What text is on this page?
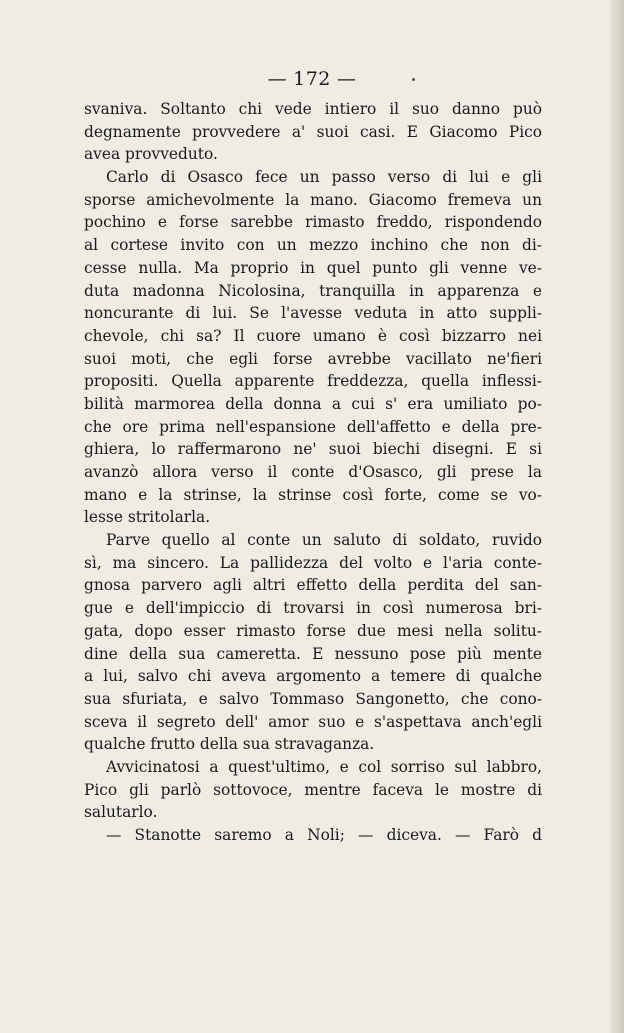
— 172 —
svaniva. Soltanto chi vede intiero il suo danno può
degnamente provvedere a' suoi casi. E Giacomo Pico
avea provveduto.
Carlo di Osasco fece un passo verso di lui e gli
sporse amichevolmente la mano. Giacomo fremeva un
pochino e forse sarebbe rimasto freddo, rispondendo
al cortese invito con un mezzo inchino che non di-
cesse nulla. Ma proprio in quel punto gli venne ve-
duta madonna Nicolosina, tranquilla in apparenza e
noncurante di lui. Se l'avesse veduta in atto suppli-
chevole, chi sa? Il cuore umano è così bizzarro nei
suoi moti, che egli forse avrebbe vacillato ne'fieri
propositi. Quella apparente freddezza, quella inflessi-
bilità marmorea della donna a cui s' era umiliato po-
che ore prima nell'espansione dell'affetto e della pre-
ghiera, lo raffermarono ne' suoi biechi disegni. E si
avanzò allora verso il conte d'Osasco, gli prese la
mano e la strinse, la strinse così forte, come se vo-
lesse stritolarla.
Parve quello al conte un saluto di soldato, ruvido
sì, ma sincero. La pallidezza del volto e l'aria conte-
gnosa parvero agli altri effetto della perdita del san-
gue e dell'impiccio di trovarsi in così numerosa bri-
gata, dopo esser rimasto forse due mesi nella solitu-
dine della sua cameretta. E nessuno pose più mente
a lui, salvo chi aveva argomento a temere di qualche
sua sfuriata, e salvo Tommaso Sangonetto, che cono-
sceva il segreto dell' amor suo e s'aspettava anch'egli
qualche frutto della sua stravaganza.
Avvicinatosi a quest'ultimo, e col sorriso sul labbro,
Pico gli parlò sottovoce, mentre faceva le mostre di
salutarlo.
— Stanotte saremo a Noli; — diceva. — Farò d
